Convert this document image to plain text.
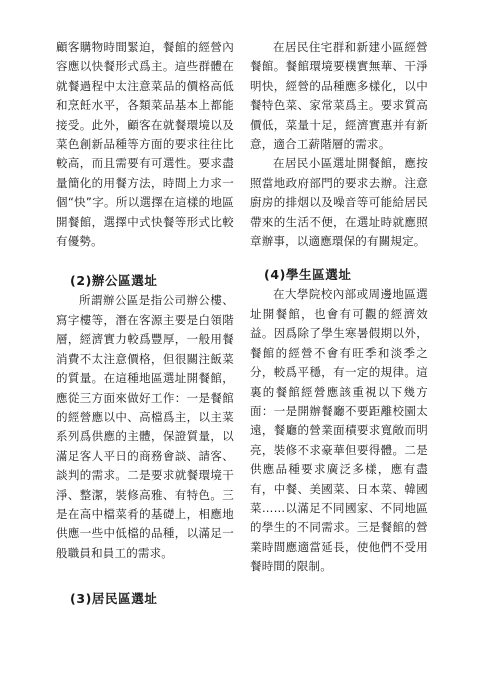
顧客購物時間緊迫，餐館的經營內容應以快餐形式爲主。這些群體在就餐過程中太注意菜品的價格高低和烹飪水平，各類菜品基本上都能接受。此外，顧客在就餐環境以及菜色創新品種等方面的要求往往比較高，而且需要有可選性。要求盡量簡化的用餐方法，時間上力求一個“快”字。所以選擇在這樣的地區開餐館，選擇中式快餐等形式比較有優勢。

(2)辦公區選址

所謂辦公區是指公司辦公樓、寫字樓等，潛在客源主要是白領階層，經濟實力較爲豐厚，一般用餐消費不太注意價格，但很關注飯菜的質量。在這種地區選址開餐館，應從三方面來做好工作：一是餐館的經營應以中、高檔爲主，以主菜系列爲供應的主體，保證質量，以滿足客人平日的商務會談、請客、談判的需求。二是要求就餐環境干淨、整潔，裝修高雅、有特色。三是在高中檔菜肴的基礎上，相應地供應一些中低檔的品種，以滿足一般職員和員工的需求。

(3)居民區選址

在居民住宅群和新建小區經營餐館。餐館環境要樸實無華、干淨明快，經營的品種應多樣化，以中餐特色菜、家常菜爲主。要求質高價低，菜量十足，經濟實惠并有新意，適合工薪階層的需求。

在居民小區選址開餐館，應按照當地政府部門的要求去辦。注意廚房的排烟以及噪音等可能給居民帶來的生活不便，在選址時就應照章辦事，以適應環保的有關規定。

(4)學生區選址

在大學院校內部或周邊地區選址開餐館，也會有可觀的經濟效益。因爲除了學生寒暑假期以外，餐館的經營不會有旺季和淡季之分，較爲平穩，有一定的規律。這裏的餐館經營應該重視以下幾方面：一是開辦餐廳不要距離校園太遠，餐廳的營業面積要求寬敞而明亮，裝修不求豪華但要得體。二是供應品種要求廣泛多樣，應有盡有，中餐、美國菜、日本菜、韓國菜……以滿足不同國家、不同地區的學生的不同需求。三是餐館的營業時間應適當延長，使他們不受用餐時間的限制。
